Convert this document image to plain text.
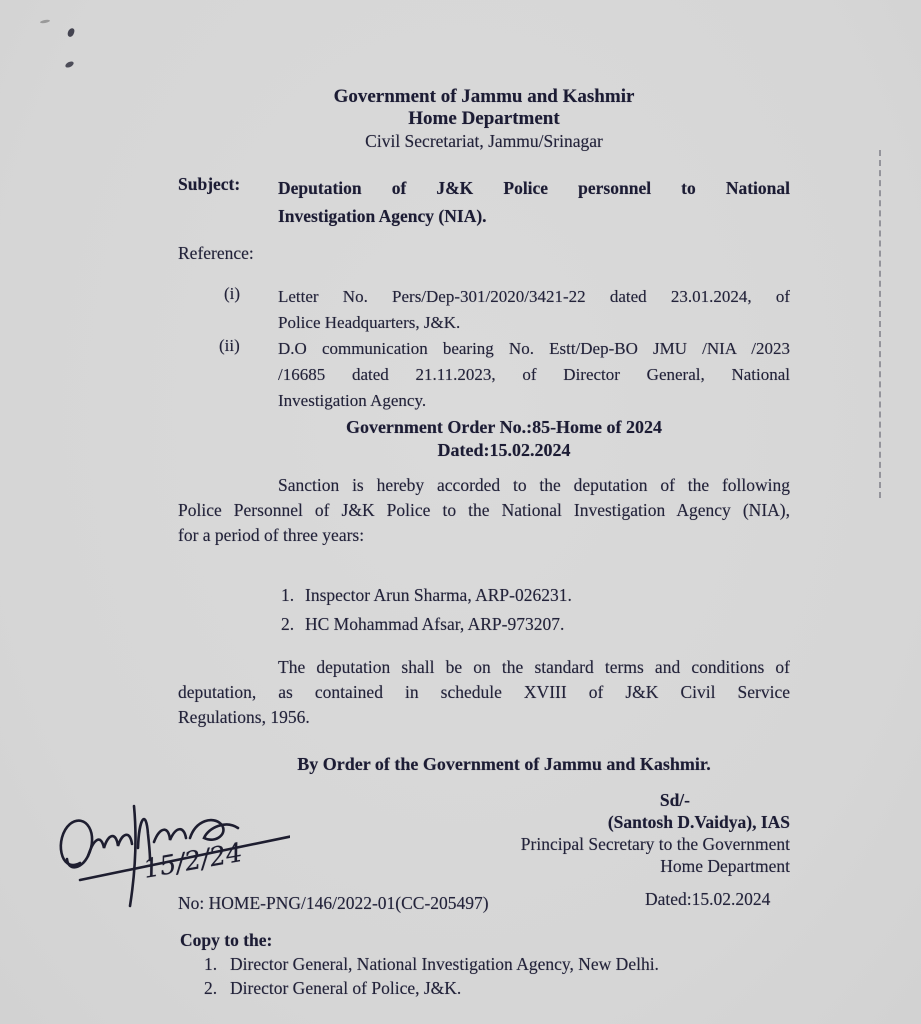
Government of Jammu and Kashmir
Home Department
Civil Secretariat, Jammu/Srinagar
Subject: Deputation of J&K Police personnel to National
Investigation Agency (NIA).
Reference:
(i) Letter No. Pers/Dep-301/2020/3421-22 dated 23.01.2024, of
Police Headquarters, J&K.
(ii) D.O communication bearing No. Estt/Dep-BO JMU /NIA /2023
/16685 dated 21.11.2023, of Director General, National
Investigation Agency.
Government Order No.:85-Home of 2024
Dated:15.02.2024
Sanction is hereby accorded to the deputation of the following
Police Personnel of J&K Police to the National Investigation Agency (NIA),
for a period of three years:
1. Inspector Arun Sharma, ARP-026231.
2. HC Mohammad Afsar, ARP-973207.
The deputation shall be on the standard terms and conditions of
deputation, as contained in schedule XVIII of J&K Civil Service
Regulations, 1956.
By Order of the Government of Jammu and Kashmir.
Sd/-
(Santosh D.Vaidya), IAS
Principal Secretary to the Government
Home Department
15/2/24
No: HOME-PNG/146/2022-01(CC-205497)	Dated:15.02.2024
Copy to the:
1. Director General, National Investigation Agency, New Delhi.
2. Director General of Police, J&K.
